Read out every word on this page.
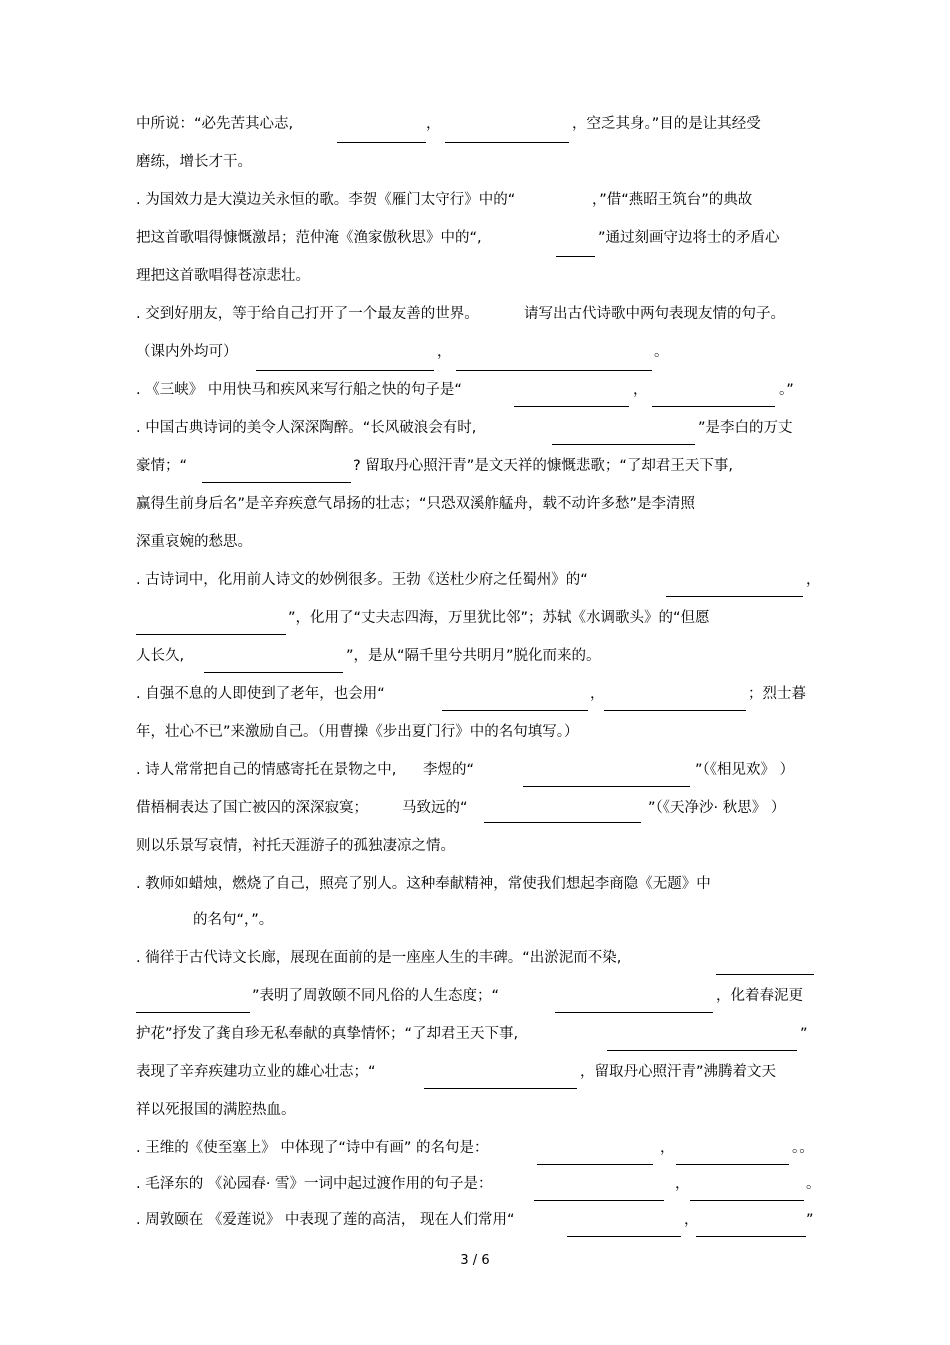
中所说：“必先苦其心志,	，	，空乏其身。”目的是让其经受
磨练，增长才干。
. 为国效力是大漠边关永恒的歌。李贺《雁门太守行》中的“	，”借“燕昭王筑台”的典故
把这首歌唱得慷慨激昂；范仲淹《渔家傲秋思》中的“,	”通过刻画守边将士的矛盾心
理把这首歌唱得苍凉悲壮。
. 交到好朋友，等于给自己打开了一个最友善的世界。	请写出古代诗歌中两句表现友情的句子。
（课内外均可）	，	。
. 《三峡》 中用快马和疾风来写行船之快的句子是“	，	。”
. 中国古典诗词的美令人深深陶醉。“长风破浪会有时,	”是李白的万丈
豪情；“	? 留取丹心照汗青”是文天祥的慷慨悲歌；“了却君王天下事,
赢得生前身后名”是辛弃疾意气昂扬的壮志；“只恐双溪舴艋舟，载不动许多愁”是李清照
深重哀婉的愁思。
. 古诗词中，化用前人诗文的妙例很多。王勃《送杜少府之任蜀州》的“	，
”，化用了“丈夫志四海，万里犹比邻”；苏轼《水调歌头》的“但愿
人长久,	”，是从“隔千里兮共明月”脱化而来的。
. 自强不息的人即使到了老年，也会用“	，	；烈士暮
年，壮心不已”来激励自己。（用曹操《步出夏门行》中的名句填写。）
. 诗人常常把自己的情感寄托在景物之中, 李煜的“	”（《相见欢》 ）
借梧桐表达了国亡被囚的深深寂寞； 马致远的“	”（《天净沙· 秋思》 ）
则以乐景写哀情，衬托天涯游子的孤独凄凉之情。
. 教师如蜡烛，燃烧了自己，照亮了别人。这种奉献精神，常使我们想起李商隐《无题》中
的名句“，”。
. 徜徉于古代诗文长廊，展现在面前的是一座座人生的丰碑。“出淤泥而不染,
”表明了周敦颐不同凡俗的人生态度；“	，化着春泥更
护花”抒发了龚自珍无私奉献的真挚情怀；“了却君王天下事,	”
表现了辛弃疾建功立业的雄心壮志；“	，留取丹心照汗青”沸腾着文天
祥以死报国的满腔热血。
. 王维的《使至塞上》 中体现了“诗中有画” 的名句是：	，	。。
. 毛泽东的 《沁园春· 雪》一词中起过渡作用的句子是：	，	。
. 周敦颐在 《爱莲说》 中表现了莲的高洁， 现在人们常用“	，	”
3 / 6
